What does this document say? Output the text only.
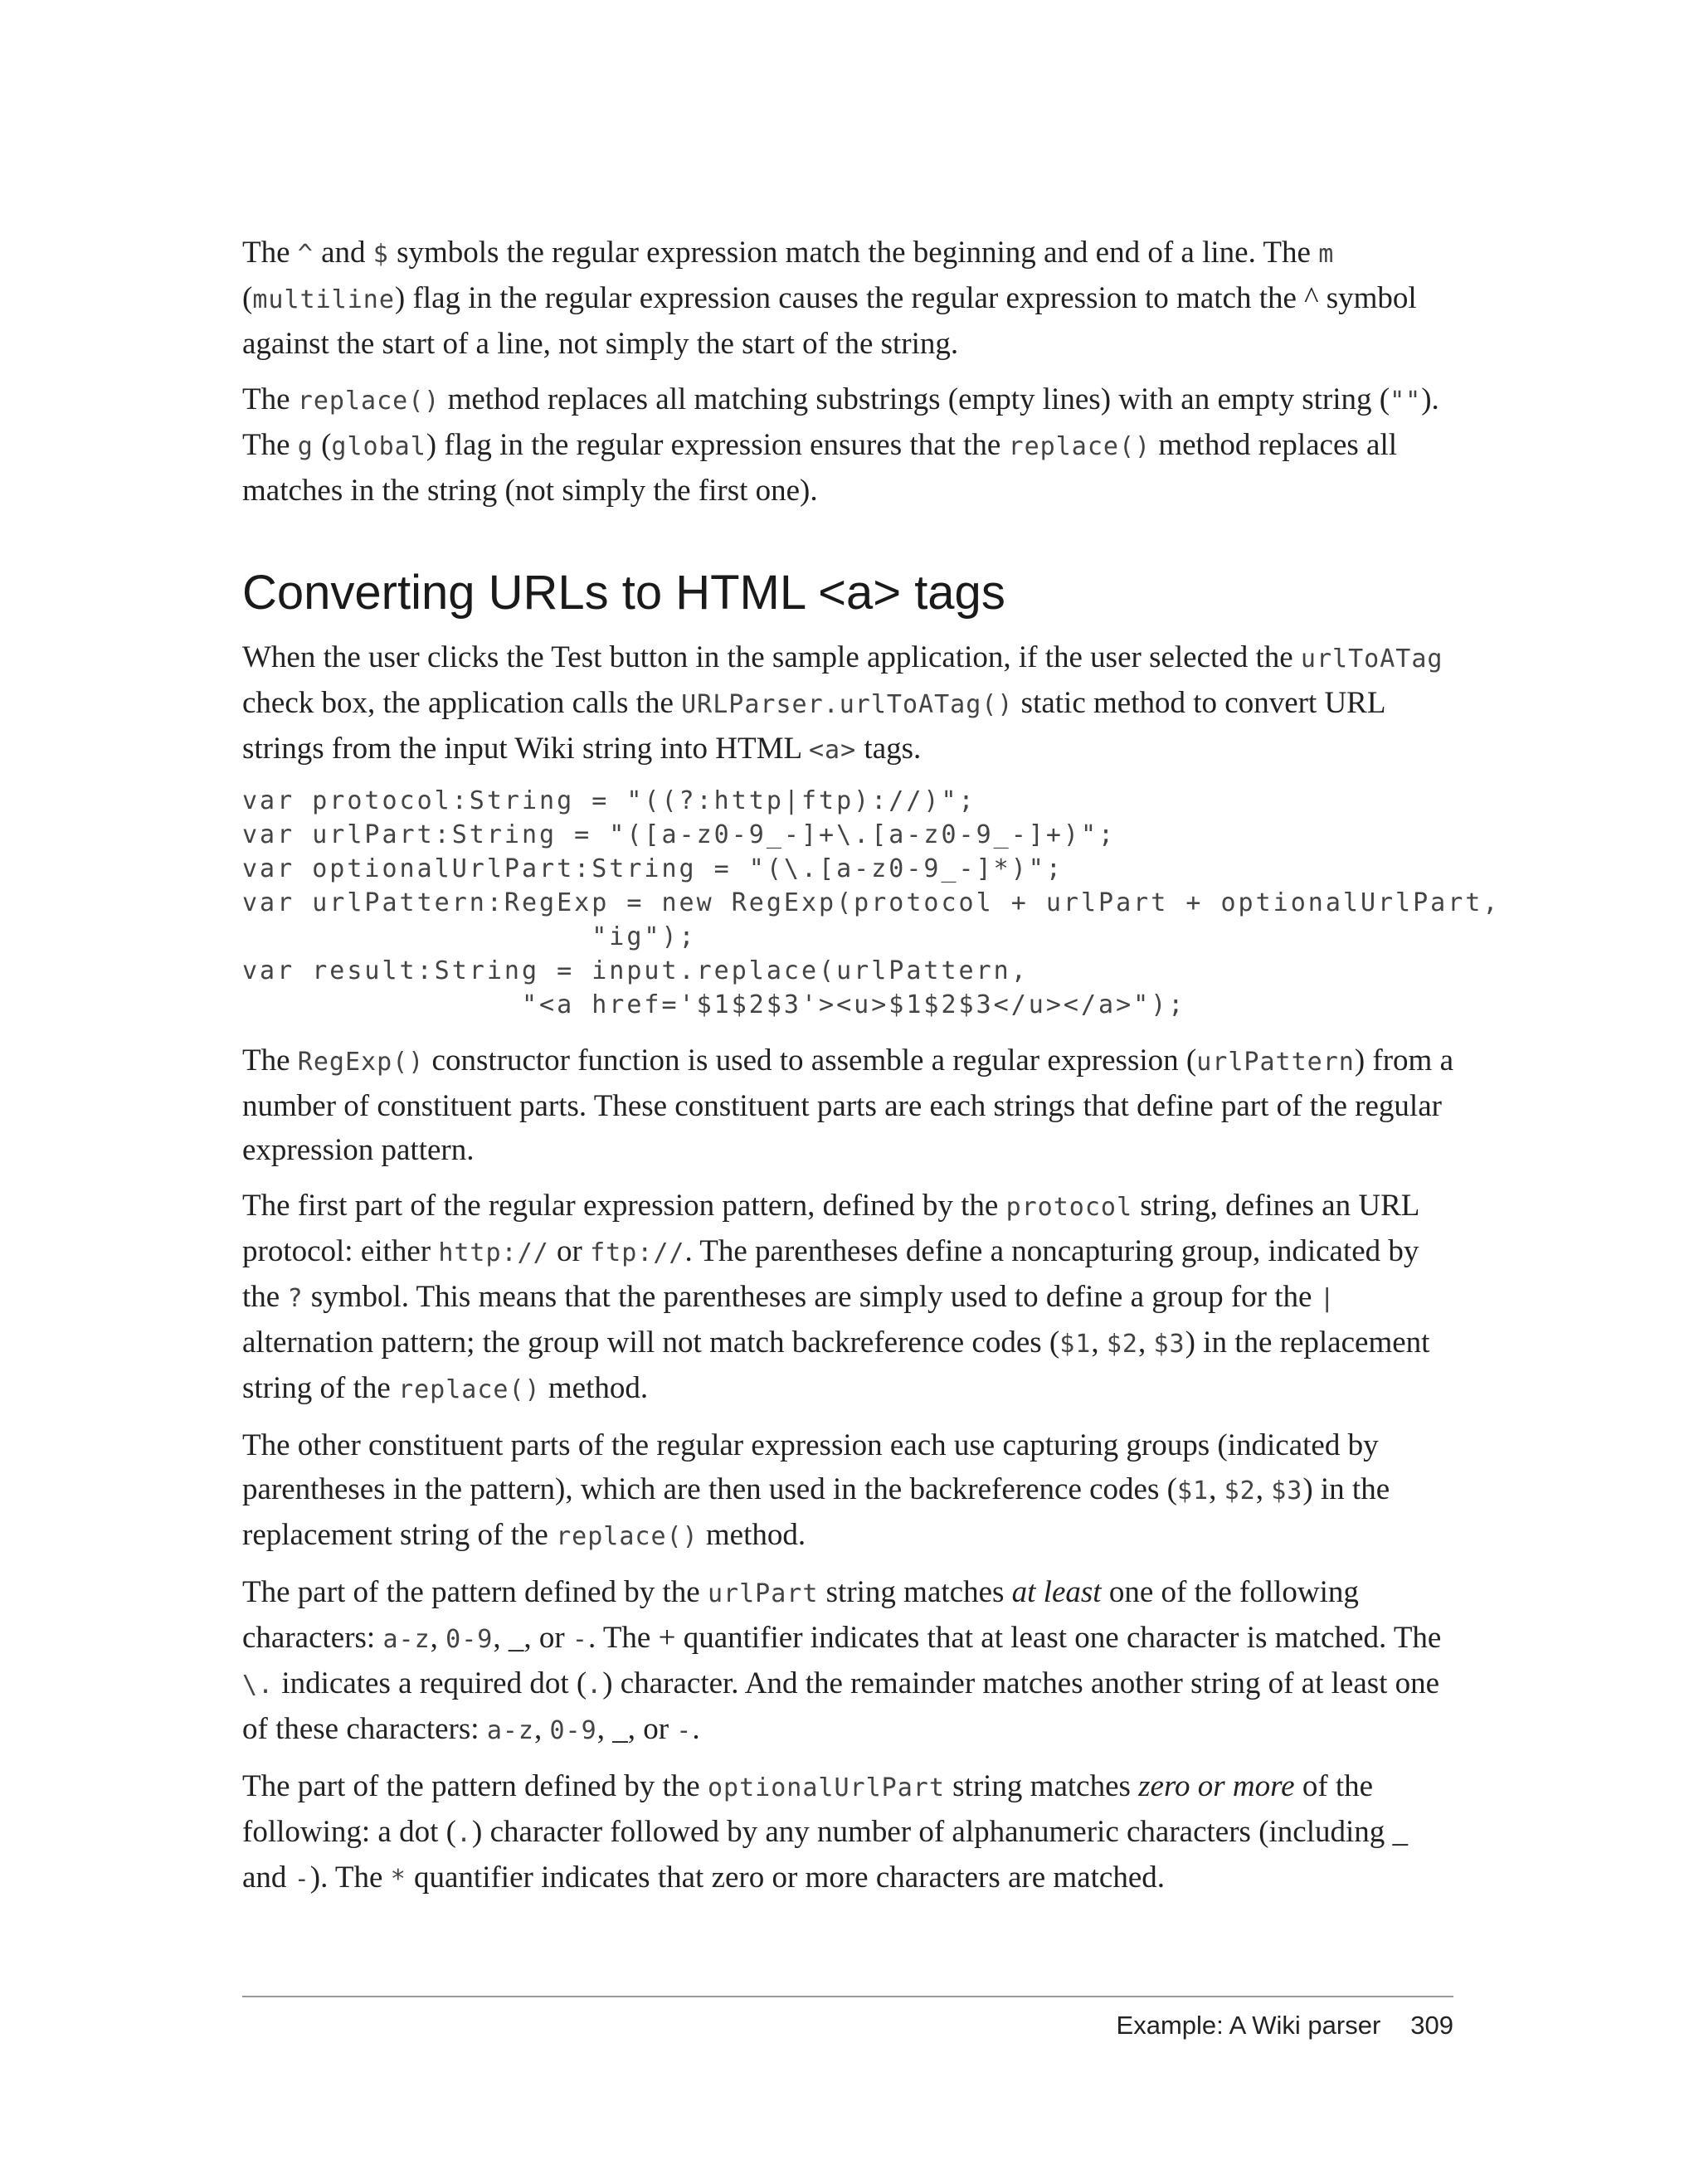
The ^ and $ symbols the regular expression match the beginning and end of a line. The m (multiline) flag in the regular expression causes the regular expression to match the ^ symbol against the start of a line, not simply the start of the string.

The replace() method replaces all matching substrings (empty lines) with an empty string (""). The g (global) flag in the regular expression ensures that the replace() method replaces all matches in the string (not simply the first one).

Converting URLs to HTML <a> tags

When the user clicks the Test button in the sample application, if the user selected the urlToATag check box, the application calls the URLParser.urlToATag() static method to convert URL strings from the input Wiki string into HTML <a> tags.

var protocol:String = "((?:http|ftp)://)";
var urlPart:String = "([a-z0-9_-]+\.[a-z0-9_-]+)";
var optionalUrlPart:String = "(\.[a-z0-9_-]*)";
var urlPattern:RegExp = new RegExp(protocol + urlPart + optionalUrlPart,
"ig");
var result:String = input.replace(urlPattern,
"<a href='$1$2$3'><u>$1$2$3</u></a>");

The RegExp() constructor function is used to assemble a regular expression (urlPattern) from a number of constituent parts. These constituent parts are each strings that define part of the regular expression pattern.

The first part of the regular expression pattern, defined by the protocol string, defines an URL protocol: either http:// or ftp://. The parentheses define a noncapturing group, indicated by the ? symbol. This means that the parentheses are simply used to define a group for the | alternation pattern; the group will not match backreference codes ($1, $2, $3) in the replacement string of the replace() method.

The other constituent parts of the regular expression each use capturing groups (indicated by parentheses in the pattern), which are then used in the backreference codes ($1, $2, $3) in the replacement string of the replace() method.

The part of the pattern defined by the urlPart string matches at least one of the following characters: a-z, 0-9, _, or -. The + quantifier indicates that at least one character is matched. The \. indicates a required dot (.) character. And the remainder matches another string of at least one of these characters: a-z, 0-9, _, or -.

The part of the pattern defined by the optionalUrlPart string matches zero or more of the following: a dot (.) character followed by any number of alphanumeric characters (including _ and -). The * quantifier indicates that zero or more characters are matched.

Example: A Wiki parser 309
